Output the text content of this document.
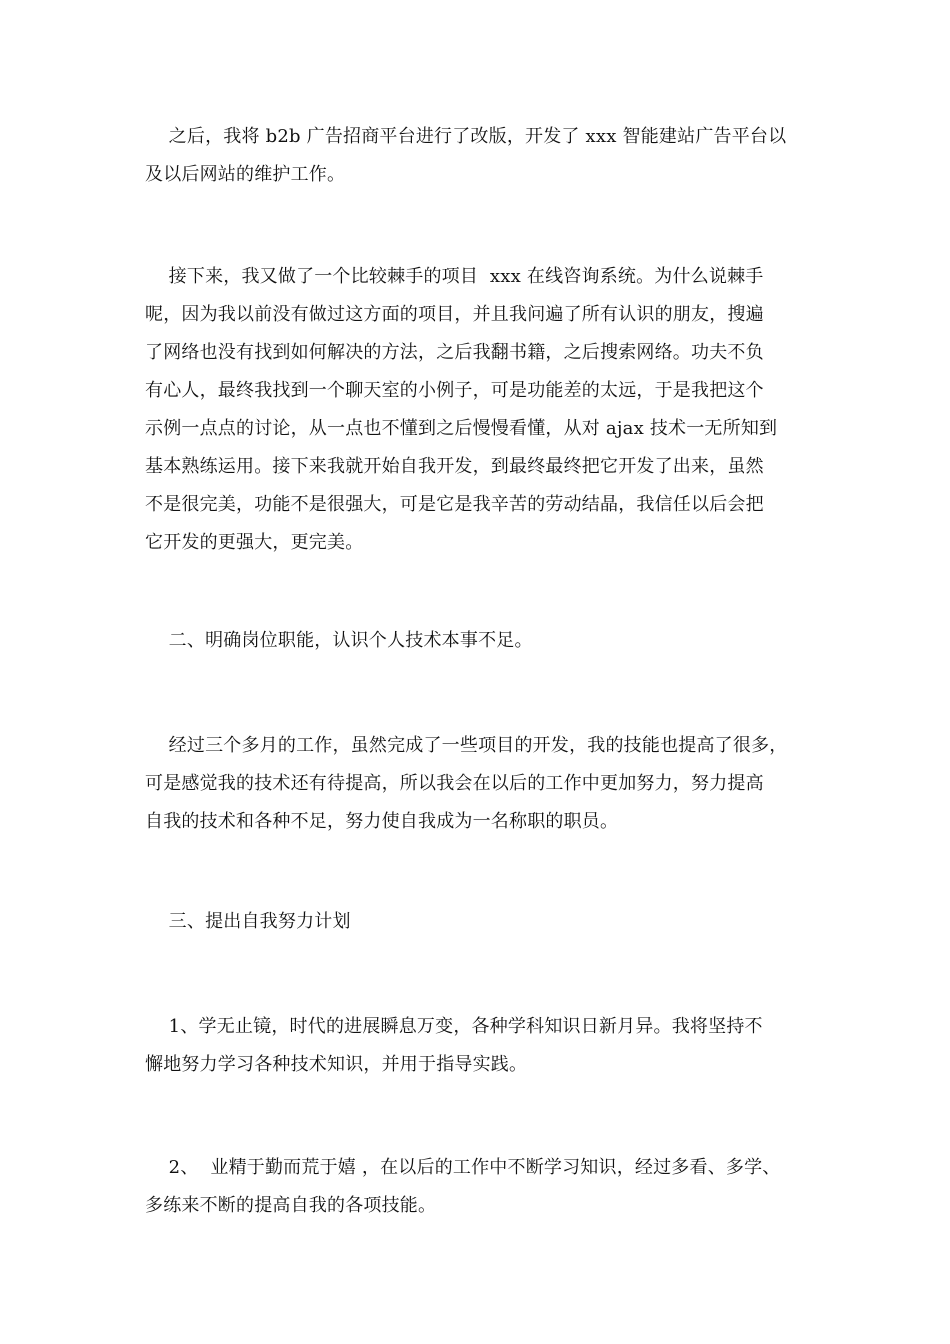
之后，我将 b2b 广告招商平台进行了改版，开发了 xxx 智能建站广告平台以
及以后网站的维护工作。
接下来，我又做了一个比较棘手的项目  xxx 在线咨询系统。为什么说棘手
呢，因为我以前没有做过这方面的项目，并且我问遍了所有认识的朋友，搜遍
了网络也没有找到如何解决的方法，之后我翻书籍，之后搜索网络。功夫不负
有心人，最终我找到一个聊天室的小例子，可是功能差的太远，于是我把这个
示例一点点的讨论，从一点也不懂到之后慢慢看懂，从对 ajax 技术一无所知到
基本熟练运用。接下来我就开始自我开发，到最终最终把它开发了出来，虽然
不是很完美，功能不是很强大，可是它是我辛苦的劳动结晶，我信任以后会把
它开发的更强大，更完美。
二、明确岗位职能，认识个人技术本事不足。
经过三个多月的工作，虽然完成了一些项目的开发，我的技能也提高了很多，
可是感觉我的技术还有待提高，所以我会在以后的工作中更加努力，努力提高
自我的技术和各种不足，努力使自我成为一名称职的职员。
三、提出自我努力计划
1、学无止镜，时代的进展瞬息万变，各种学科知识日新月异。我将坚持不
懈地努力学习各种技术知识，并用于指导实践。
2、  业精于勤而荒于嬉 ，在以后的工作中不断学习知识，经过多看、多学、
多练来不断的提高自我的各项技能。
